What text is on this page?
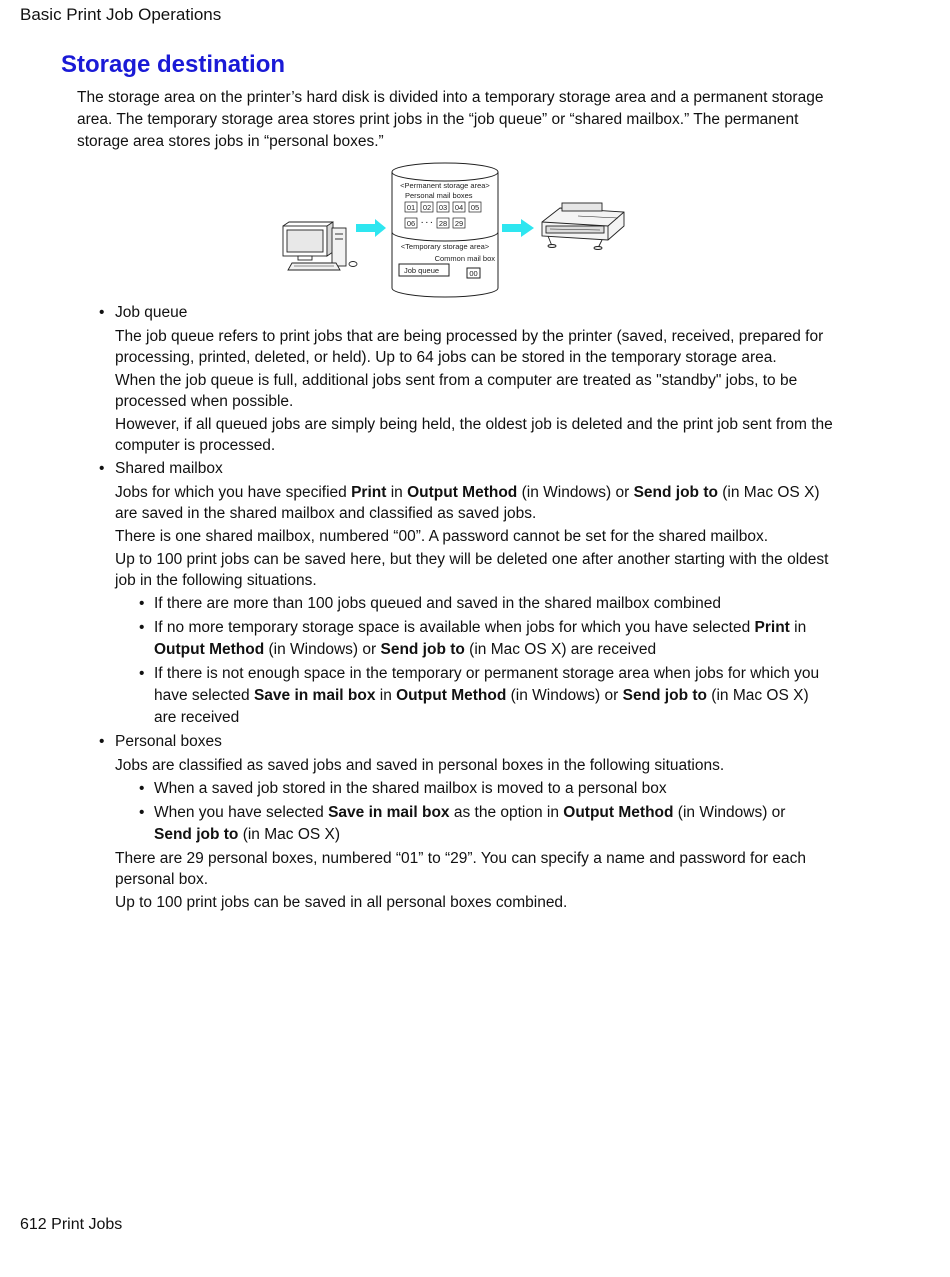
Basic Print Job Operations
Storage destination

The storage area on the printer’s hard disk is divided into a temporary storage area and a permanent storage area. The temporary storage area stores print jobs in the “job queue” or “shared mailbox.” The permanent storage area stores jobs in “personal boxes.”

<Permanent storage area>
Personal mail boxes
01 02 03 04 05
06 · · · 28 29
<Temporary storage area>
Common mail box
Job queue	00
• Job queue

The job queue refers to print jobs that are being processed by the printer (saved, received, prepared for processing, printed, deleted, or held). Up to 64 jobs can be stored in the temporary storage area.

When the job queue is full, additional jobs sent from a computer are treated as "standby" jobs, to be processed when possible.

However, if all queued jobs are simply being held, the oldest job is deleted and the print job sent from the computer is processed.

• Shared mailbox

Jobs for which you have specified Print in Output Method (in Windows) or Send job to (in Mac OS X) are saved in the shared mailbox and classified as saved jobs.

There is one shared mailbox, numbered “00”. A password cannot be set for the shared mailbox.

Up to 100 print jobs can be saved here, but they will be deleted one after another starting with the oldest job in the following situations.

• If there are more than 100 jobs queued and saved in the shared mailbox combined
• If no more temporary storage space is available when jobs for which you have selected Print in Output Method (in Windows) or Send job to (in Mac OS X) are received
• If there is not enough space in the temporary or permanent storage area when jobs for which you have selected Save in mail box in Output Method (in Windows) or Send job to (in Mac OS X) are received
• Personal boxes

Jobs are classified as saved jobs and saved in personal boxes in the following situations.

• When a saved job stored in the shared mailbox is moved to a personal box
• When you have selected Save in mail box as the option in Output Method (in Windows) or Send job to (in Mac OS X)

There are 29 personal boxes, numbered “01” to “29”. You can specify a name and password for each personal box.

Up to 100 print jobs can be saved in all personal boxes combined.

612 Print Jobs
